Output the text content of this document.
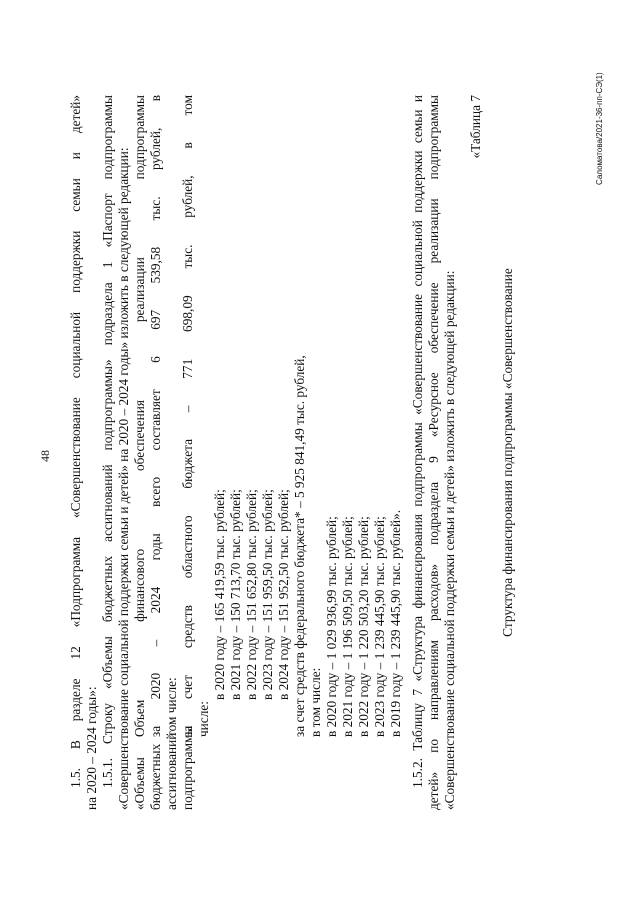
48 1.5. В разделе 12 «Подпрограмма «Совершенствование социальной поддержки семьи и детей» на 2020 – 2024 годы»: 1.5.1. Строку «Объемы бюджетных ассигнований подпрограммы» подраздела 1 «Паспорт подпрограммы «Совершенствование социальной поддержки семьи и детей» на 2020 – 2024 годы» изложить в следующей редакции: «Объемы
Объем финансового обеспечения реализации подпрограммы
бюджетных
за 2020 – 2024 годы всего составляет 6 697 539,58 тыс. рублей, в
ассигнований
том числе:
подпрограммы
за счет средств областного бюджета – 771 698,09 тыс. рублей, в том числе:
в 2020 году – 165 419,59 тыс. рублей; в 2021 году – 150 713,70 тыс. рублей; в 2022 году – 151 652,80 тыс. рублей; в 2023 году – 151 959,50 тыс. рублей; в 2024 году – 151 952,50 тыс. рублей; за счет средств федерального бюджета* – 5 925 841,49 тыс. рублей, в том числе: в 2020 году – 1 029 936,99 тыс. рублей; в 2021 году – 1 196 509,50 тыс. рублей; в 2022 году – 1 220 503,20 тыс. рублей; в 2023 году – 1 239 445,90 тыс. рублей; в 2019 году – 1 239 445,90 тыс. рублей». 1.5.2. Таблицу 7 «Структура финансирования подпрограммы «Совершенствование социальной поддержки семьи и детей» по направлениям расходов» подраздела 9 «Ресурсное обеспечение реализации подпрограммы «Совершенствование социальной поддержки семьи и детей» изложить в следующей редакции:

«Таблица 7

Структура финансирования подпрограммы «Совершенствование

Саломатова/2021-36-пп-СЭ(1)
